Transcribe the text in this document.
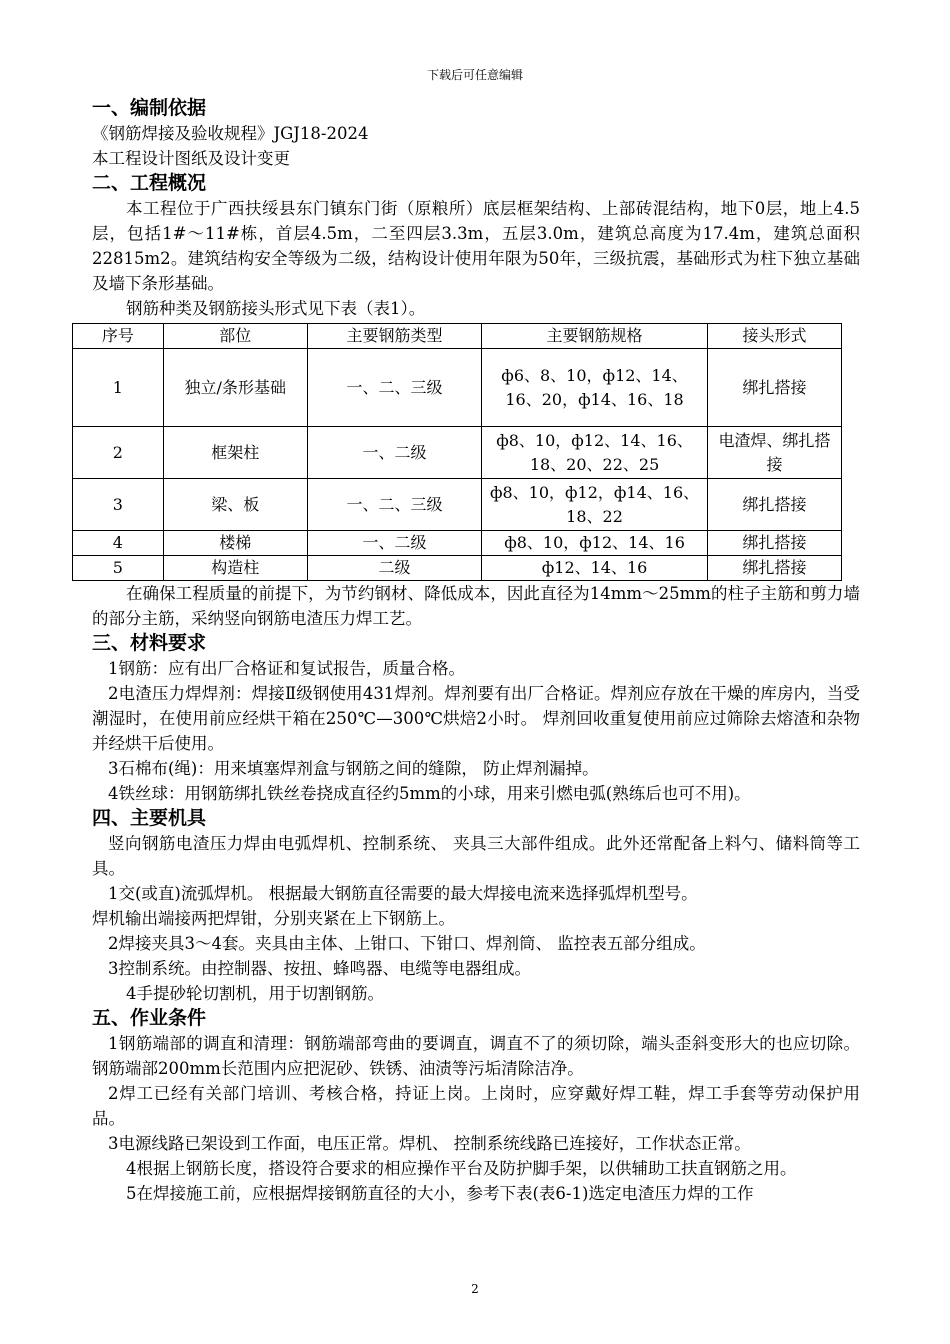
下载后可任意编辑
一、编制依据

《钢筋焊接及验收规程》JGJ18-2024

本工程设计图纸及设计变更

二、工程概况

本工程位于广西扶绥县东门镇东门街（原粮所）底层框架结构、上部砖混结构，地下0层，地上4.5层，包括1#～11#栋，首层4.5m，二至四层3.3m，五层3.0m，建筑总高度为17.4m，建筑总面积22815m2。建筑结构安全等级为二级，结构设计使用年限为50年，三级抗震，基础形式为柱下独立基础及墙下条形基础。

钢筋种类及钢筋接头形式见下表（表1）。

序号	部位	主要钢筋类型	主要钢筋规格	接头形式
1	独立/条形基础	一、二、三级	ф6、8、10，ф12、14、16、20，ф14、16、18	绑扎搭接
2	框架柱	一、二级	ф8、10，ф12、14、16、18、20、22、25	电渣焊、绑扎搭接
3	梁、板	一、二、三级	ф8、10，ф12，ф14、16、18、22	绑扎搭接
4	楼梯	一、二级	ф8、10，ф12、14、16	绑扎搭接
5	构造柱	二级	ф12、14、16	绑扎搭接

在确保工程质量的前提下，为节约钢材、降低成本，因此直径为14mm～25mm的柱子主筋和剪力墙的部分主筋，采纳竖向钢筋电渣压力焊工艺。

三、材料要求

1钢筋：应有出厂合格证和复试报告，质量合格。

2电渣压力焊焊剂：焊接Ⅱ级钢使用431焊剂。焊剂要有出厂合格证。焊剂应存放在干燥的库房内，当受潮湿时，在使用前应经烘干箱在250℃—300℃烘焙2小时。 焊剂回收重复使用前应过筛除去熔渣和杂物并经烘干后使用。

3石棉布(绳)：用来填塞焊剂盒与钢筋之间的缝隙， 防止焊剂漏掉。

4铁丝球：用钢筋绑扎铁丝卷挠成直径约5mm的小球，用来引燃电弧(熟练后也可不用)。

四、主要机具

竖向钢筋电渣压力焊由电弧焊机、控制系统、 夹具三大部件组成。此外还常配备上料勺、储料筒等工具。

1交(或直)流弧焊机。 根据最大钢筋直径需要的最大焊接电流来选择弧焊机型号。

焊机输出端接两把焊钳，分别夹紧在上下钢筋上。

2焊接夹具3～4套。夹具由主体、上钳口、下钳口、焊剂筒、 监控表五部分组成。

3控制系统。由控制器、按扭、蜂鸣器、电缆等电器组成。

4手提砂轮切割机，用于切割钢筋。

五、作业条件

1钢筋端部的调直和清理：钢筋端部弯曲的要调直，调直不了的须切除，端头歪斜变形大的也应切除。钢筋端部200mm长范围内应把泥砂、铁锈、油渍等污垢清除洁净。

2焊工已经有关部门培训、考核合格，持证上岗。上岗时，应穿戴好焊工鞋，焊工手套等劳动保护用品。

3电源线路已架设到工作面，电压正常。焊机、 控制系统线路已连接好，工作状态正常。

4根据上钢筋长度，搭设符合要求的相应操作平台及防护脚手架，以供辅助工扶直钢筋之用。

5在焊接施工前，应根据焊接钢筋直径的大小，参考下表(表6-1)选定电渣压力焊的工作

2
